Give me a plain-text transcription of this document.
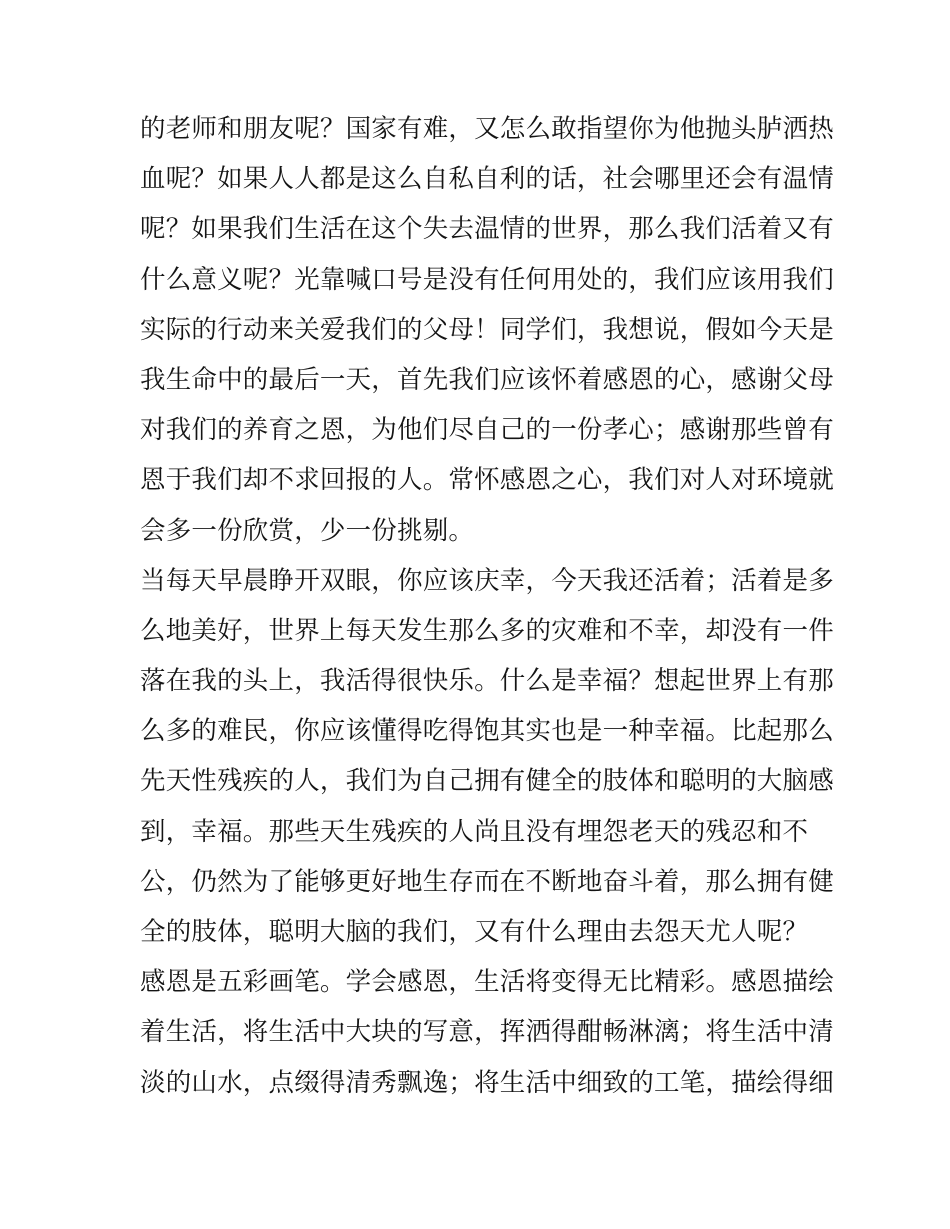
的老师和朋友呢？国家有难，又怎么敢指望你为他抛头胪洒热
血呢？如果人人都是这么自私自利的话，社会哪里还会有温情
呢？如果我们生活在这个失去温情的世界，那么我们活着又有
什么意义呢？光靠喊口号是没有任何用处的，我们应该用我们
实际的行动来关爱我们的父母！同学们，我想说，假如今天是
我生命中的最后一天，首先我们应该怀着感恩的心，感谢父母
对我们的养育之恩，为他们尽自己的一份孝心；感谢那些曾有
恩于我们却不求回报的人。常怀感恩之心，我们对人对环境就
会多一份欣赏，少一份挑剔。
当每天早晨睁开双眼，你应该庆幸，今天我还活着；活着是多
么地美好，世界上每天发生那么多的灾难和不幸，却没有一件
落在我的头上，我活得很快乐。什么是幸福？想起世界上有那
么多的难民，你应该懂得吃得饱其实也是一种幸福。比起那么
先天性残疾的人，我们为自己拥有健全的肢体和聪明的大脑感
到，幸福。那些天生残疾的人尚且没有埋怨老天的残忍和不
公，仍然为了能够更好地生存而在不断地奋斗着，那么拥有健
全的肢体，聪明大脑的我们，又有什么理由去怨天尤人呢？
感恩是五彩画笔。学会感恩，生活将变得无比精彩。感恩描绘
着生活，将生活中大块的写意，挥洒得酣畅淋漓；将生活中清
淡的山水，点缀得清秀飘逸；将生活中细致的工笔，描绘得细
